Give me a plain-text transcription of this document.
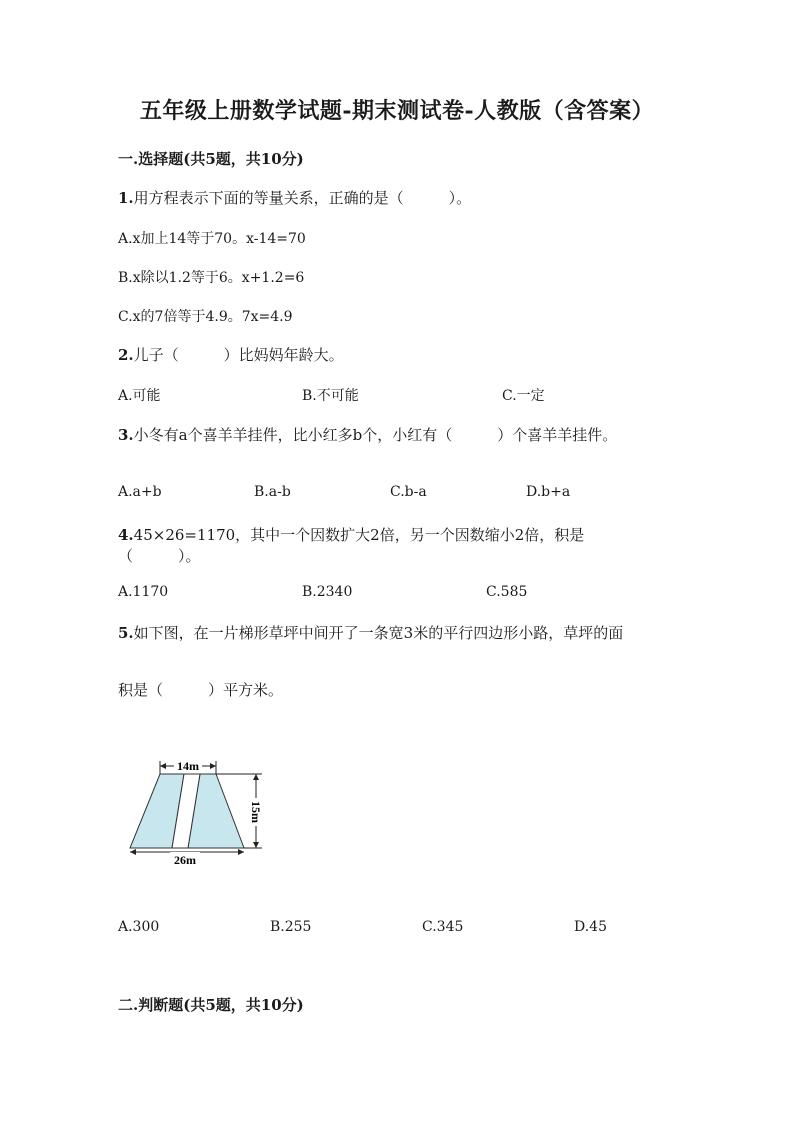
五年级上册数学试题-期末测试卷-人教版（含答案）
一.选择题(共5题，共10分)
1.用方程表示下面的等量关系，正确的是（　　　）。
A.x加上14等于70。x-14=70
B.x除以1.2等于6。x+1.2=6
C.x的7倍等于4.9。7x=4.9
2.儿子（　　　）比妈妈年龄大。
A.可能	B.不可能	C.一定
3.小冬有a个喜羊羊挂件，比小红多b个，小红有（　　　）个喜羊羊挂件。
A.a+b	B.a-b	C.b-a	D.b+a
4.45×26=1170，其中一个因数扩大2倍，另一个因数缩小2倍，积是
（　　　）。
A.1170	B.2340	C.585
5.如下图，在一片梯形草坪中间开了一条宽3米的平行四边形小路，草坪的面
积是（　　　）平方米。
14m
15m
26m
A.300	B.255	C.345	D.45
二.判断题(共5题，共10分)
